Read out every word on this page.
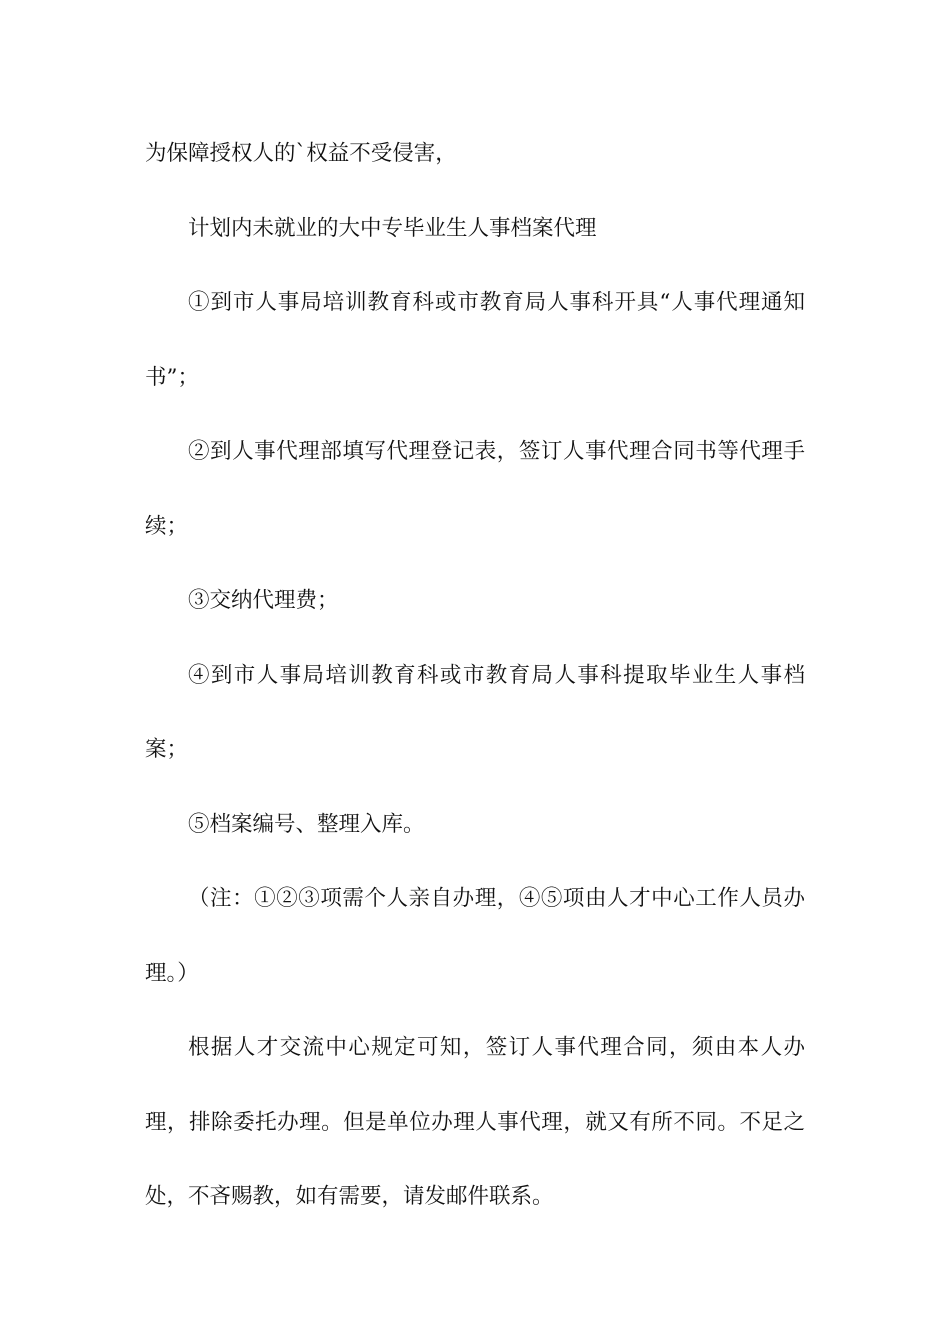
为保障授权人的`权益不受侵害，

计划内未就业的大中专毕业生人事档案代理

①到市人事局培训教育科或市教育局人事科开具“人事代理通知书”；

②到人事代理部填写代理登记表，签订人事代理合同书等代理手续；

③交纳代理费；

④到市人事局培训教育科或市教育局人事科提取毕业生人事档案；

⑤档案编号、整理入库。

（注：①②③项需个人亲自办理，④⑤项由人才中心工作人员办理。）

根据人才交流中心规定可知，签订人事代理合同，须由本人办理，排除委托办理。但是单位办理人事代理，就又有所不同。不足之处，不吝赐教，如有需要，请发邮件联系。
